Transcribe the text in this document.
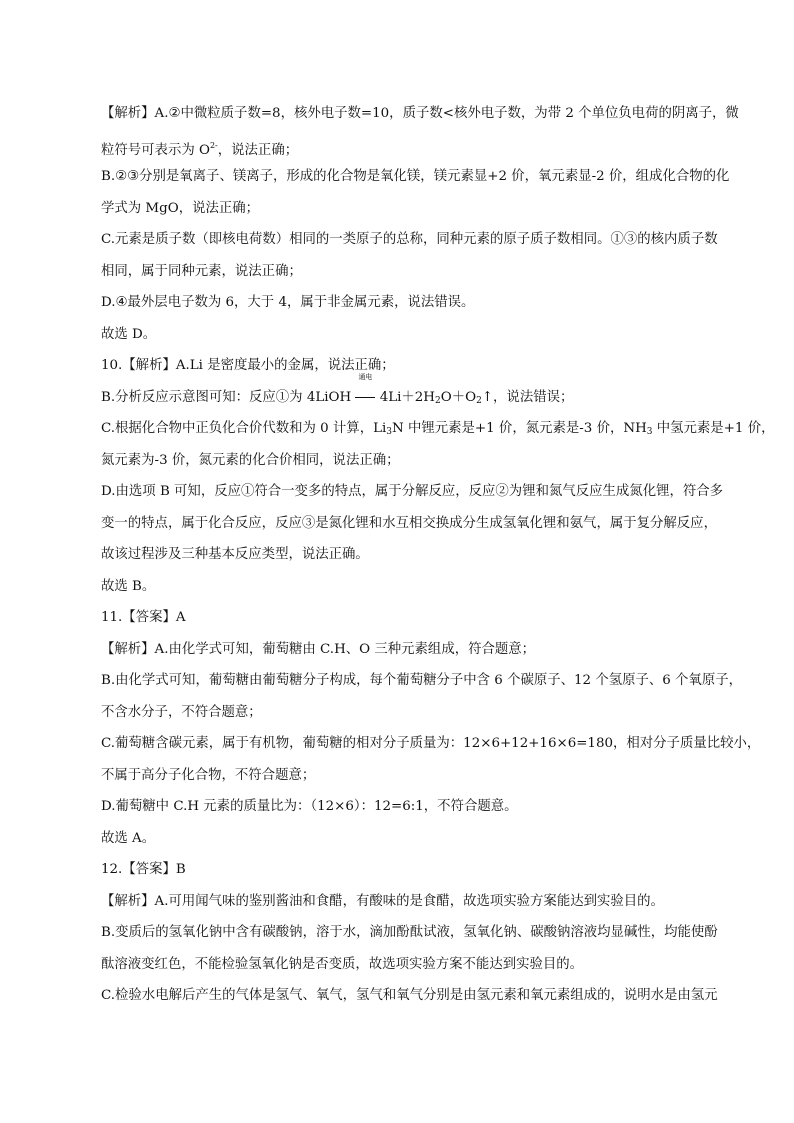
【解析】A.②中微粒质子数=8，核外电子数=10，质子数<核外电子数，为带 2 个单位负电荷的阴离子，微
粒符号可表示为 $O^{2-}$，说法正确；
B.②③分别是氧离子、镁离子，形成的化合物是氧化镁，镁元素显+2 价，氧元素显-2 价，组成化合物的化
学式为 MgO，说法正确；
C.元素是质子数（即核电荷数）相同的一类原子的总称，同种元素的原子质子数相同。①③的核内质子数
相同，属于同种元素，说法正确；
D.④最外层电子数为 6，大于 4，属于非金属元素，说法错误。
故选 D。
10.【解析】A.Li 是密度最小的金属，说法正确；
B.分析反应示意图可知：反应①为 4LiOH
通电
$4Li+2H_2O+O_2↑$，说法错误；
C.根据化合物中正负化合价代数和为 0 计算，$Li_3N$ 中锂元素是+1 价，氮元素是-3 价，$NH_3$ 中氢元素是+1 价，
氮元素为-3 价，氮元素的化合价相同，说法正确；
D.由选项 B 可知，反应①符合一变多的特点，属于分解反应，反应②为锂和氮气反应生成氮化锂，符合多
变一的特点，属于化合反应，反应③是氮化锂和水互相交换成分生成氢氧化锂和氨气，属于复分解反应，
故该过程涉及三种基本反应类型，说法正确。
故选 B。
11.【答案】A
【解析】A.由化学式可知，葡萄糖由 C.H、O 三种元素组成，符合题意；
B.由化学式可知，葡萄糖由葡萄糖分子构成，每个葡萄糖分子中含 6 个碳原子、12 个氢原子、6 个氧原子，
不含水分子，不符合题意；
C.葡萄糖含碳元素，属于有机物，葡萄糖的相对分子质量为：12×6+12+16×6=180，相对分子质量比较小，
不属于高分子化合物，不符合题意；
D.葡萄糖中 C.H 元素的质量比为：（12×6）：12=6:1，不符合题意。
故选 A。
12.【答案】B
【解析】A.可用闻气味的鉴别酱油和食醋，有酸味的是食醋，故选项实验方案能达到实验目的。
B.变质后的氢氧化钠中含有碳酸钠，溶于水，滴加酚酞试液，氢氧化钠、碳酸钠溶液均显碱性，均能使酚
酞溶液变红色，不能检验氢氧化钠是否变质，故选项实验方案不能达到实验目的。
C.检验水电解后产生的气体是氢气、氧气，氢气和氧气分别是由氢元素和氧元素组成的，说明水是由氢元
